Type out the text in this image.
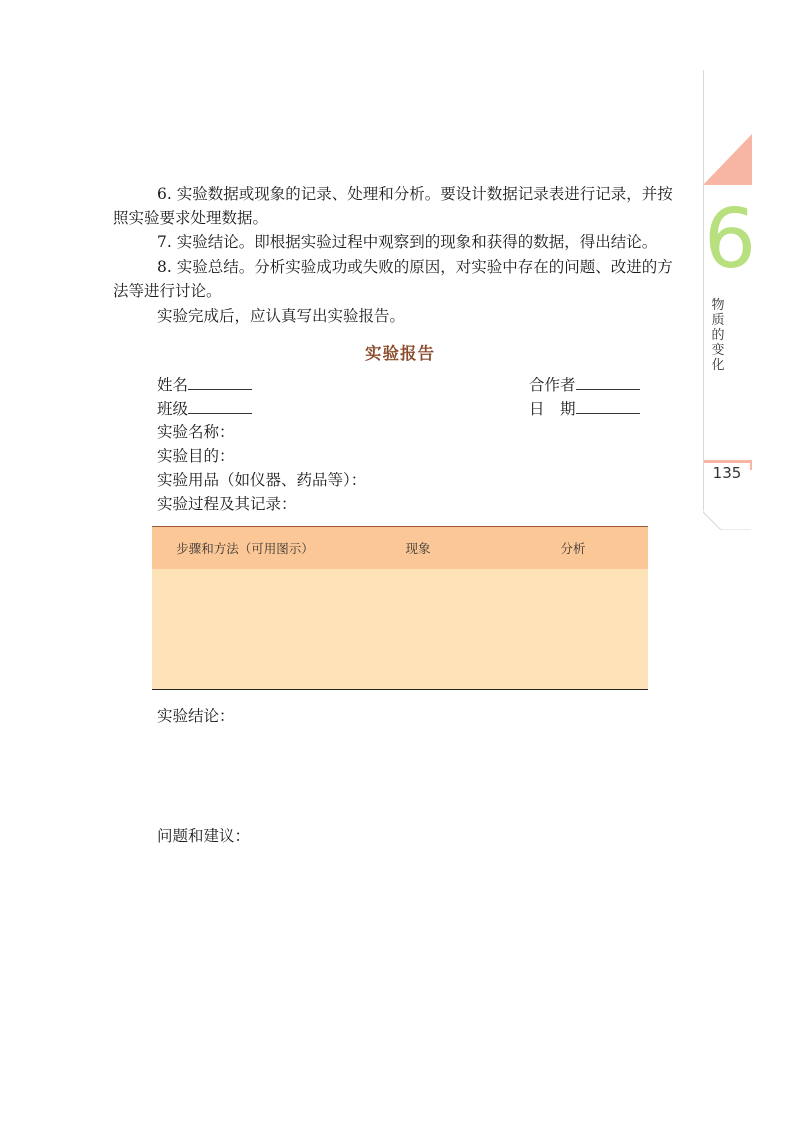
6. 实验数据或现象的记录、处理和分析。要设计数据记录表进行记录，并按照实验要求处理数据。

7. 实验结论。即根据实验过程中观察到的现象和获得的数据，得出结论。

8. 实验总结。分析实验成功或失败的原因，对实验中存在的问题、改进的方法等进行讨论。

实验完成后，应认真写出实验报告。

实验报告
姓名	合作者
班级	日　期
实验名称：
实验目的：
实验用品（如仪器、药品等）：
实验过程及其记录：
步骤和方法（可用图示）	现象	分析
实验结论：
问题和建议：
6
物
质
的
变
化
135
